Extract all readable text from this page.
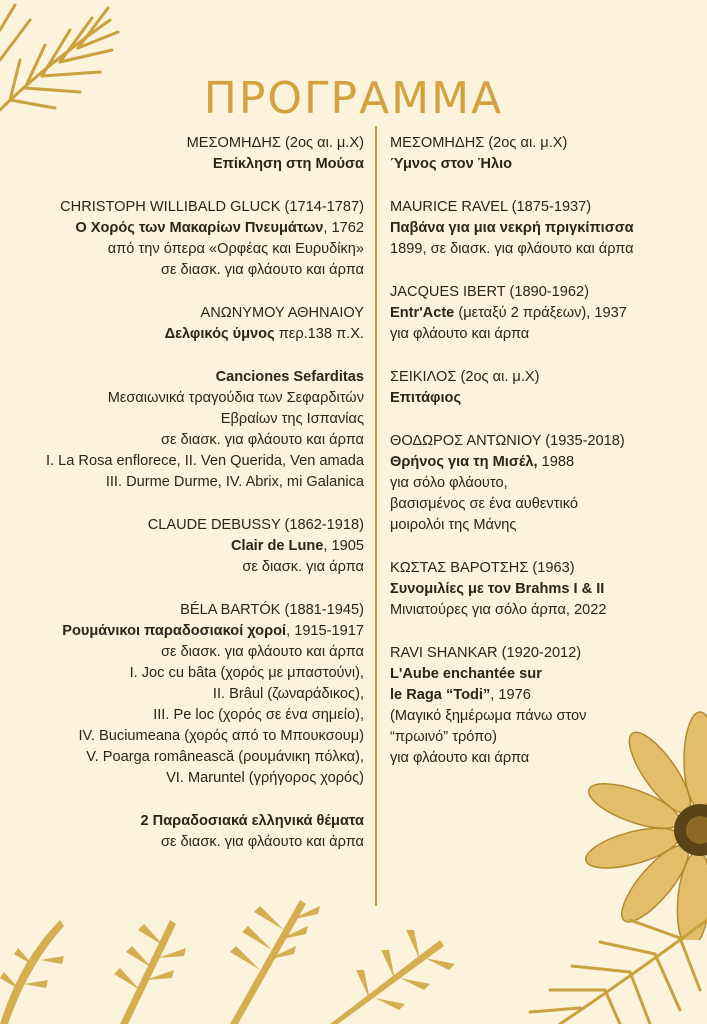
ΠΡΟΓΡΑΜΜΑ
ΜΕΣΟΜΗΔΗΣ (2ος αι. μ.Χ)
Επίκληση στη Μούσα
CHRISTOPH WILLIBALD GLUCK (1714-1787)
Ο Χορός των Μακαρίων Πνευμάτων, 1762
από την όπερα «Ορφέας και Ευρυδίκη»
σε διασκ. για φλάουτο και άρπα
ΑΝΩΝΥΜΟΥ ΑΘΗΝΑΙΟΥ
Δελφικός ύμνος περ.138 π.Χ.
Canciones Sefarditas
Μεσαιωνικά τραγούδια των Σεφαρδιτών
Εβραίων της Ισπανίας
σε διασκ. για φλάουτο και άρπα
I. La Rosa enflorece, II. Ven Querida, Ven amada
III. Durme Durme, IV. Abrix, mi Galanica
CLAUDE DEBUSSY (1862-1918)
Clair de Lune, 1905
σε διασκ. για άρπα
BÉLA BARTÓK (1881-1945)
Ρουμάνικοι παραδοσιακοί χοροί, 1915-1917
σε διασκ. για φλάουτο και άρπα
I. Joc cu bâta (χορός με μπαστούνι),
II. Brâul (ζωναράδικος),
III. Pe loc (χορός σε ένα σημείο),
IV. Buciumeana (χορός από το Μπουκσουμ)
V. Poarga românească (ρουμάνικη πόλκα),
VI. Maruntel (γρήγορος χορός)
2 Παραδοσιακά ελληνικά θέματα
σε διασκ. για φλάουτο και άρπα
ΜΕΣΟΜΗΔΗΣ (2ος αι. μ.Χ)
Ύμνος στον Ήλιο
MAURICE RAVEL (1875-1937)
Παβάνα για μια νεκρή πριγκίπισσα
1899, σε διασκ. για φλάουτο και άρπα
JACQUES IBERT (1890-1962)
Entr'Acte (μεταξύ 2 πράξεων), 1937
για φλάουτο και άρπα
ΣΕΙΚΙΛΟΣ (2ος αι. μ.Χ)
Επιτάφιος
ΘΟΔΩΡΟΣ ΑΝΤΩΝΙΟΥ (1935-2018)
Θρήνος για τη Μισέλ, 1988
για σόλο φλάουτο,
βασισμένος σε ένα αυθεντικό
μοιρολόι της Μάνης
ΚΩΣΤΑΣ ΒΑΡΟΤΣΗΣ (1963)
Συνομιλίες με τον Brahms I & II
Μινιατούρες για σόλο άρπα, 2022
RAVI SHANKAR (1920-2012)
L'Aube enchantée sur
le Raga “Todi”, 1976
(Μαγικό ξημέρωμα πάνω στον
“πρωινό” τρόπο)
για φλάουτο και άρπα
